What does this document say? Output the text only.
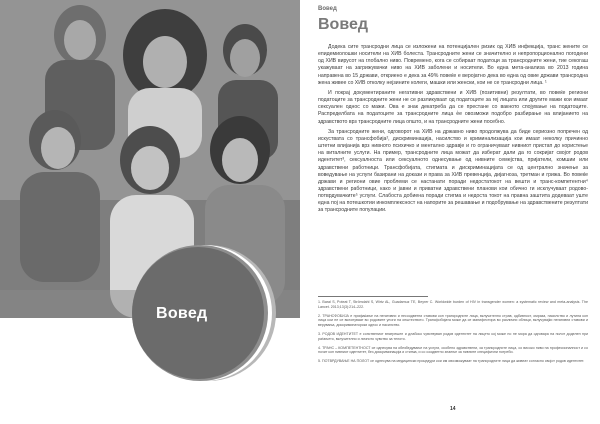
Вовед
Вовед
Вовед

Додека сите трансродни лица се изложени на потенцијален ризик од ХИВ инфекција, транс жените се епидемиолошки носители на ХИВ болеста. Трансродните жени се значително и непропорционално погодени од ХИВ вирусот на глобално ниво. Повремено, кога се собираат податоци за трансродните жени, тие секогаш укажуваат на загрижувачки ниво на ХИВ заболени и носители. Во една мета-анализа во 2013 година направена во 15 држави, откриено е дека за 49% повеќе е веројатно дека во една од овие држави трансродна жена живее со ХИВ отколку нејзините колеги, машки или женски, кои не се трансродни лица. ¹

И покрај документираните негативни здравствени и ХИВ (позитивни) резултати, во повеќе региони податоците за трансродните жени не се разликуваат од податоците за геј лицата или другите мажи кои имаат сексуален однос со мажи. Ова е знак декатреба да се престане со вакното спојување на податоците. Распределбата на податоците за трансродните лица ѐе овозможи подобро разбирање на влијанието на здравството врз трансродните лица општо, и на трансродните жени посебно.

За трансродните жени, одговорот на ХИВ на државно ниво продолжува да биде сериозно попречен од искуствата со трансфобија², дискриминација, насилство и криминализација кои имаат неколку причинно штетни влијанија врз нивното психичко и ментално здравје и го ограничуваат нивниот пристап до користење на виталните услуги. На пример, трансродните лица можат да изберат дали да го сокријат својот родов идентитет³, сексуалноста или сексуалното однесување од нивните семејства, пријатели, комшии или здравствени работници. Трансфобијата, стигмата и дискриминацијата се од централно значење за воведување на услуги базирани на докази и права за ХИВ превенција, дијагноза, третман и грижа. Во повеќе држави и региони овие проблеми се настанати поради недостатокот на вешти и транс-компетентни⁴ здравствени работници, како и јавни и приватни здравствени планови кои обично ги исклучуваат родово-потврдувачките⁵ услуги. Слабоста добиена поради стигма и недоста токот на правна заштита додеваат уште една пој на потешкотии инкомплексност на напорите за решавање и подобрување на здравствените резултати за трансродните популации.

1. Baral S, Poteat T, Strömdahl S, Wirtz AL, Guadamuz TE, Beyrer C. Worldwide burden of HIV in transgender women: a systematic review and meta-analysis. The Lancet. 2013;13(3):214–222.

2. ТРАНСФОБИЈА е прифаќање на негативни и несоодветни ставови кон трансродните лица, вклучително страв, одбивност, омраза, насилство и лутина кон лица кои не се вклопуваат во родовите улоги на општеството. Трансфобијата може да се манифестира во различни облици, вклучувајќи негативни ставови и верувања, дискриминаторски однос и насилство.

3. РОДОВ ИДЕНТИТЕТ е сопствениот внатрешен и длабоко чувствуван родов идентитет на лицето кој може но не мора да одговара на полот доделен при раѓањето, вклучително и личното чувство за телото.

4. ТРАНС – КОМПЕТЕНТНОСТ се однесува на обезбедување на услуги, особено здравствени, за трансродните лица, со високо ниво на професионалност и со почит кон нивниот идентитет, без дискриминација и стигма, и со соодветно знаење за нивните специфични потреби.

5. ПОТВРДУВАЊЕ НА ПОЛОТ се однесува на медицински процедури кои им овозможуваат на трансродните лица да живеат согласно својот родов идентитет.

14
